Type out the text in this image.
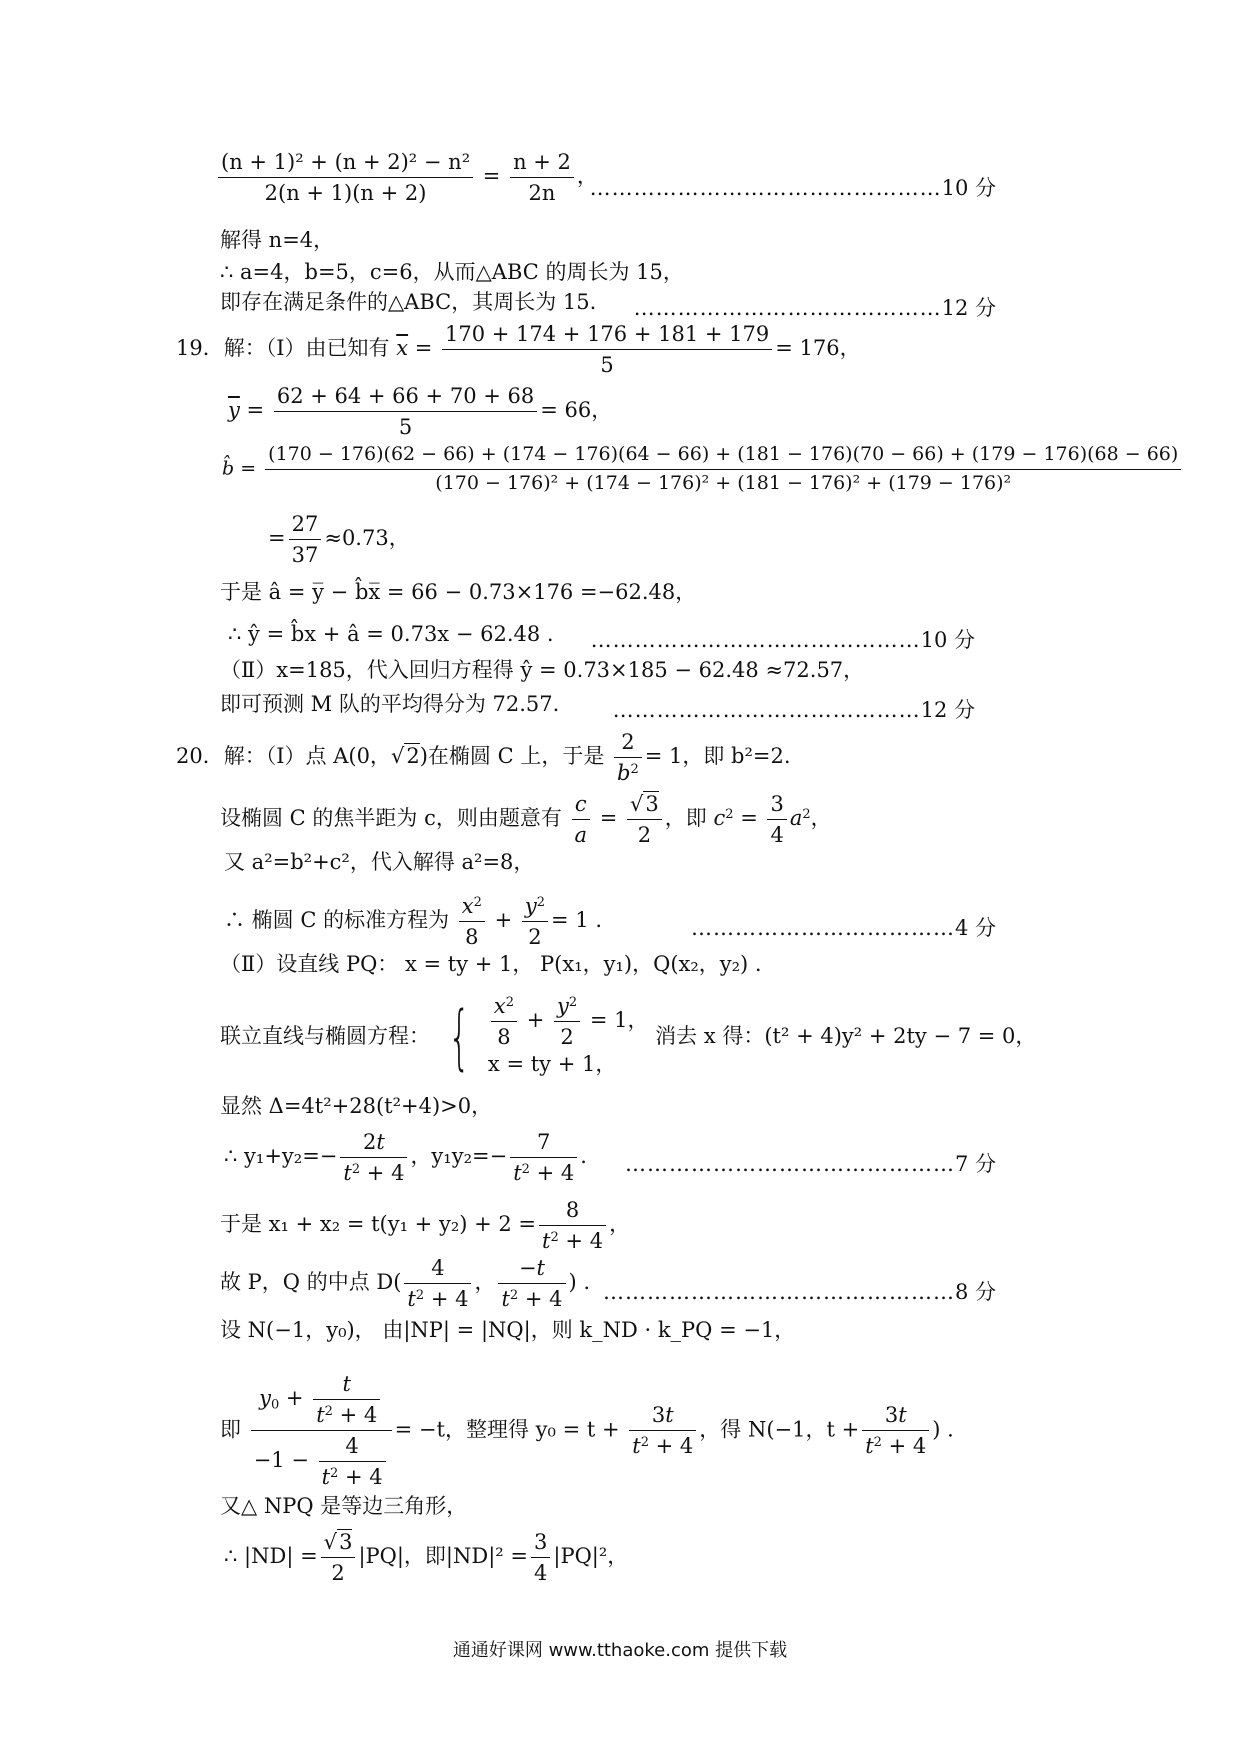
$\frac{\text{(n + 1)² + (n + 2)² − n²}}{2(n + 1)(n + 2)} = \frac{n + 2}{2n}$ ，
…………………………………………10 分
解得 n=4，
∴ a=4，b=5，c=6，从而△ABC 的周长为 15，
即存在满足条件的△ABC，其周长为 15. ……………………………………12 分
19．解：（Ⅰ）由已知有 $\overline{x} = \frac{170 + 174 + 176 + 181 + 179}{5} = 176$，
$\overline{y} = \frac{62 + 64 + 66 + 70 + 68}{5} = 66$，
b̂ =
(170 − 176)(62 − 66) + (174 − 176)(64 − 66) + (181 − 176)(70 − 66) + (179 − 176)(68 − 66)
(170 − 176)² + (174 − 176)² + (181 − 176)² + (179 − 176)²
= $\frac{27}{37} \approx 0.73$，
于是 â = y̅ − b̂x̅ = 66 − 0.73×176 =−62.48，
∴ ŷ = b̂x + â = 0.73x − 62.48 . ………………………………………10 分
（Ⅱ）x=185，代入回归方程得 ŷ = 0.73×185 − 62.48 ≈72.57，
即可预测 M 队的平均得分为 72.57.	……………………………………12 分
20．解：（Ⅰ）点 A(0，√2)在椭圆 C 上，于是 $\frac{2}{b^2} = 1$，即 b²=2.
设椭圆 C 的焦半距为 c，则由题意有 $\frac{c}{a} = \frac{√3}{2}$ ，即 $c^2 = \frac{3}{4} a^2$，
又 a²=b²+c²，代入解得 a²=8，
∴ 椭圆 C 的标准方程为 $\frac{x^2}{8} + \frac{y^2}{2} = 1$ .	………………………………4 分
（Ⅱ）设直线 PQ： x = ty + 1， P(x₁，y₁)，Q(x₂，y₂) .
联立直线与椭圆方程： { $\frac{x^2}{8} + \frac{y^2}{2} = 1$，
x = ty + 1，
消去 x 得：(t² + 4)y² + 2ty − 7 = 0，
显然 Δ=4t²+28(t²+4)>0，
∴ $y_1+y_2=- \frac{2t}{t^2 + 4}$ ，$y_1y_2=- \frac{7}{t^2 + 4}$ . ………………………………………7 分
于是 $x_1 + x_2 = t(y_1 + y_2) + 2 = \frac{8}{t^2 + 4}$ ，
故 P，Q 的中点 $D( \frac{4}{t^2 + 4}$ ， $\frac{-t}{t^2 + 4}$ ) . …………………………………………8 分
设 N(−1，y₀)， 由|NP| = |NQ|，则 k_ND · k_PQ = −1，
即 $\frac{y_0 + \frac{t}{t^2 + 4}}{-1 - \frac{4}{t^2 + 4}} = -t$，整理得 $y_0 = t + \frac{3t}{t^2 + 4}$ ，得 N(−1，$t + \frac{3t}{t^2 + 4}$ ) .
又△ NPQ 是等边三角形，
∴ $|ND| = \frac{√3}{2} |PQ|$，即$|ND|^2 = \frac{3}{4} |PQ|^2$，
通通好课网 www.tthaoke.com 提供下载
